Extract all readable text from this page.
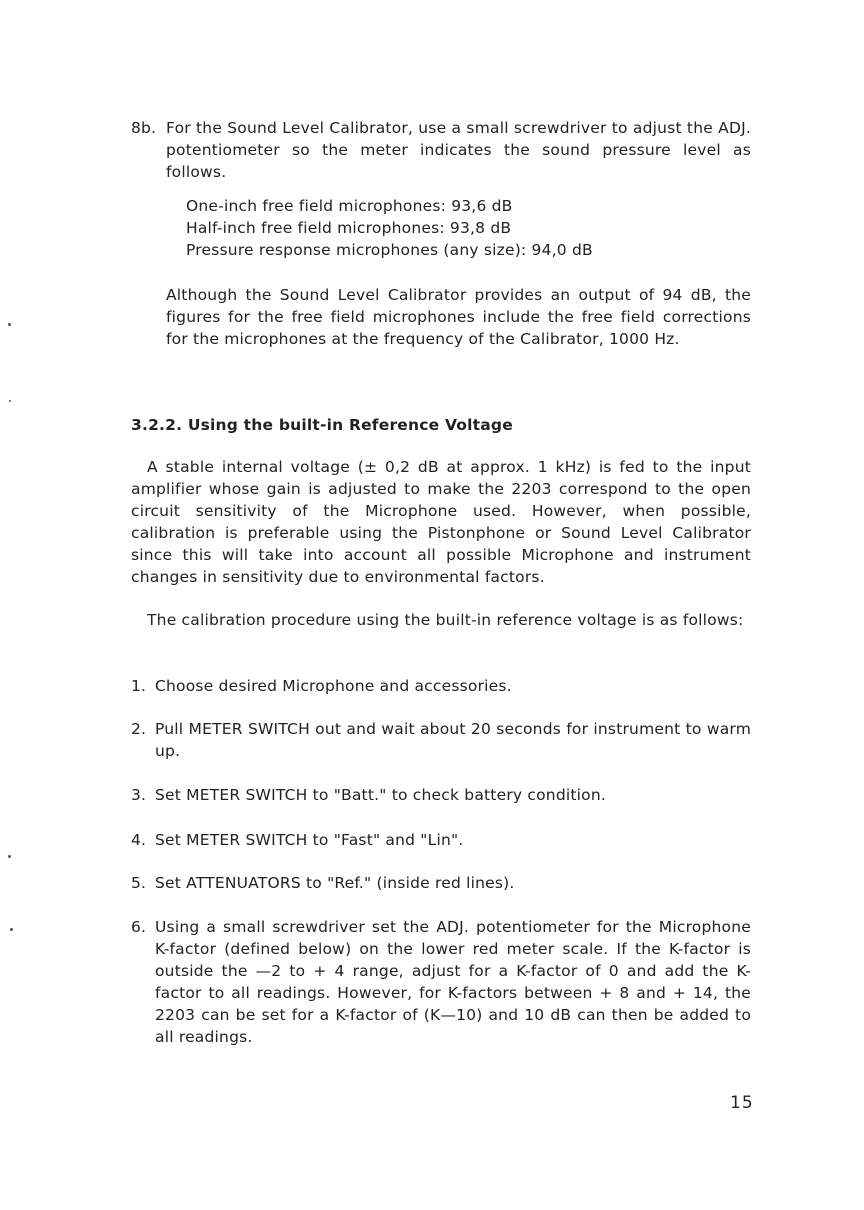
8b. For the Sound Level Calibrator, use a small screwdriver to adjust the ADJ. potentiometer so the meter indicates the sound pressure level as follows.

One-inch free field microphones: 93,6 dB
Half-inch free field microphones: 93,8 dB
Pressure response microphones (any size): 94,0 dB

Although the Sound Level Calibrator provides an output of 94 dB, the figures for the free field microphones include the free field corrections for the microphones at the frequency of the Calibrator, 1000 Hz.

3.2.2. Using the built-in Reference Voltage

A stable internal voltage (± 0,2 dB at approx. 1 kHz) is fed to the input amplifier whose gain is adjusted to make the 2203 correspond to the open circuit sensitivity of the Microphone used. However, when possible, calibration is preferable using the Pistonphone or Sound Level Calibrator since this will take into account all possible Microphone and instrument changes in sensitivity due to environmental factors.

The calibration procedure using the built-in reference voltage is as follows:

1. Choose desired Microphone and accessories.

2. Pull METER SWITCH out and wait about 20 seconds for instrument to warm up.

3. Set METER SWITCH to "Batt." to check battery condition.

4. Set METER SWITCH to "Fast" and "Lin".

5. Set ATTENUATORS to "Ref." (inside red lines).

6. Using a small screwdriver set the ADJ. potentiometer for the Microphone K-factor (defined below) on the lower red meter scale. If the K-factor is outside the —2 to + 4 range, adjust for a K-factor of 0 and add the K-factor to all readings. However, for K-factors between + 8 and + 14, the 2203 can be set for a K-factor of (K—10) and 10 dB can then be added to all readings.

15
